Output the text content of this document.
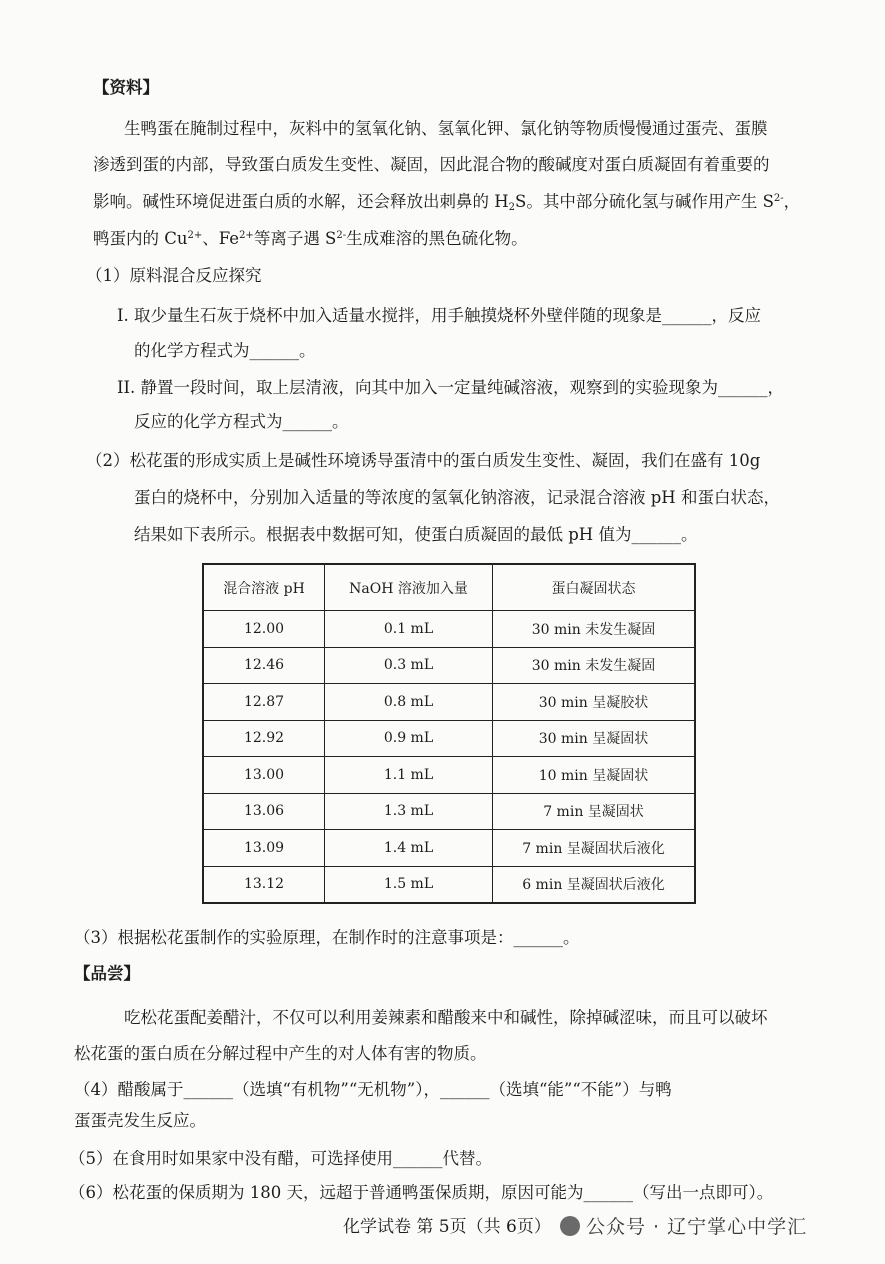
【资料】
生鸭蛋在腌制过程中，灰料中的氢氧化钠、氢氧化钾、氯化钠等物质慢慢通过蛋壳、蛋膜
渗透到蛋的内部，导致蛋白质发生变性、凝固，因此混合物的酸碱度对蛋白质凝固有着重要的
影响。碱性环境促进蛋白质的水解，还会释放出刺鼻的 $H_2S$。其中部分硫化氢与碱作用产生 $S^{2-}$，
鸭蛋内的 $Cu^{2+}$、$Fe^{2+}$等离子遇 $S^{2-}$生成难溶的黑色硫化物。
（1）原料混合反应探究
I. 取少量生石灰于烧杯中加入适量水搅拌，用手触摸烧杯外壁伴随的现象是______，反应
的化学方程式为______。
II. 静置一段时间，取上层清液，向其中加入一定量纯碱溶液，观察到的实验现象为______，
反应的化学方程式为______。
（2）松花蛋的形成实质上是碱性环境诱导蛋清中的蛋白质发生变性、凝固，我们在盛有 10g
蛋白的烧杯中，分别加入适量的等浓度的氢氧化钠溶液，记录混合溶液 pH 和蛋白状态，
结果如下表所示。根据表中数据可知，使蛋白质凝固的最低 pH 值为______。
混合溶液 pH	NaOH 溶液加入量	蛋白凝固状态
12.00	0.1 mL	30 min 未发生凝固
12.46	0.3 mL	30 min 未发生凝固
12.87	0.8 mL	30 min 呈凝胶状
12.92	0.9 mL	30 min 呈凝固状
13.00	1.1 mL	10 min 呈凝固状
13.06	1.3 mL	7 min 呈凝固状
13.09	1.4 mL	7 min 呈凝固状后液化
13.12	1.5 mL	6 min 呈凝固状后液化
（3）根据松花蛋制作的实验原理，在制作时的注意事项是：______。
【品尝】
吃松花蛋配姜醋汁，不仅可以利用姜辣素和醋酸来中和碱性，除掉碱涩味，而且可以破坏
松花蛋的蛋白质在分解过程中产生的对人体有害的物质。
（4）醋酸属于______（选填“有机物”“无机物”），______（选填“能”“不能”）与鸭
蛋蛋壳发生反应。
（5）在食用时如果家中没有醋，可选择使用______代替。
（6）松花蛋的保质期为 180 天，远超于普通鸭蛋保质期，原因可能为______（写出一点即可）。
化学试卷 第 5页（共 6页）	公众号 · 辽宁掌心中学汇
